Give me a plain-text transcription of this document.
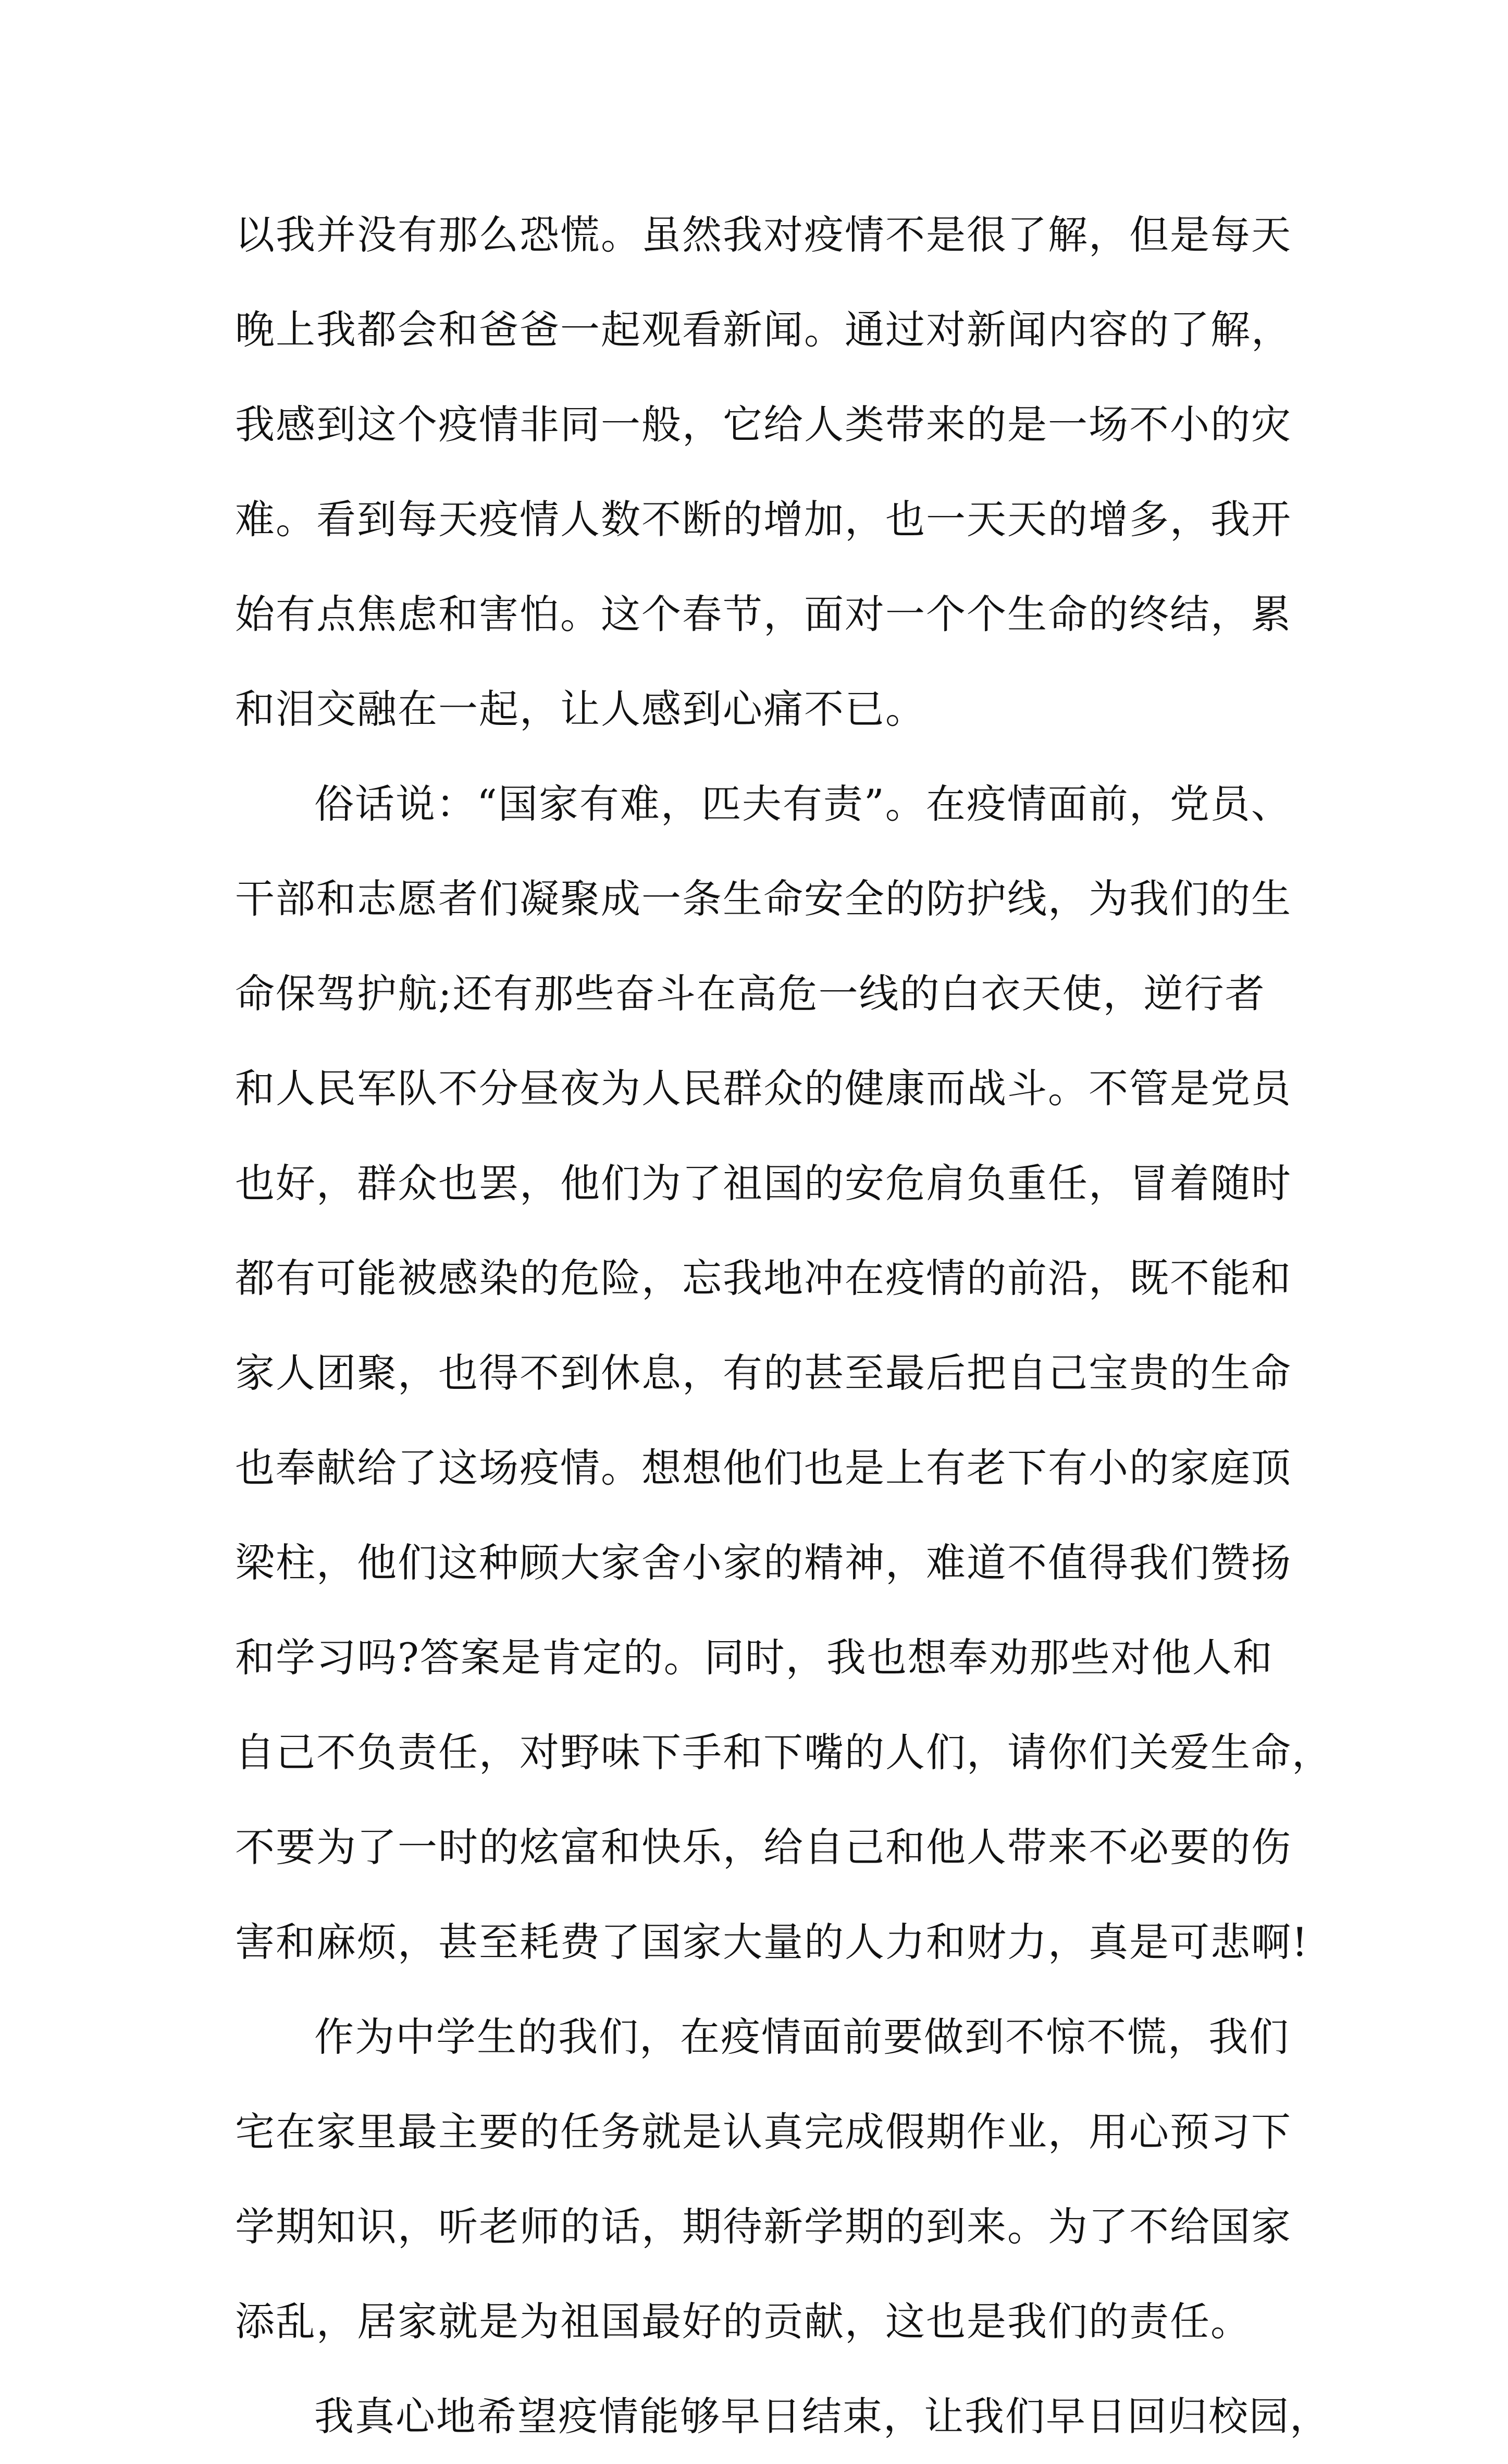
以我并没有那么恐慌。虽然我对疫情不是很了解，但是每天
晚上我都会和爸爸一起观看新闻。通过对新闻内容的了解，
我感到这个疫情非同一般，它给人类带来的是一场不小的灾
难。看到每天疫情人数不断的增加，也一天天的增多，我开
始有点焦虑和害怕。这个春节，面对一个个生命的终结，累
和泪交融在一起，让人感到心痛不已。
俗话说：“国家有难，匹夫有责”。在疫情面前，党员、
干部和志愿者们凝聚成一条生命安全的防护线，为我们的生
命保驾护航;还有那些奋斗在高危一线的白衣天使，逆行者
和人民军队不分昼夜为人民群众的健康而战斗。不管是党员
也好，群众也罢，他们为了祖国的安危肩负重任，冒着随时
都有可能被感染的危险，忘我地冲在疫情的前沿，既不能和
家人团聚，也得不到休息，有的甚至最后把自己宝贵的生命
也奉献给了这场疫情。想想他们也是上有老下有小的家庭顶
梁柱，他们这种顾大家舍小家的精神，难道不值得我们赞扬
和学习吗?答案是肯定的。同时，我也想奉劝那些对他人和
自己不负责任，对野味下手和下嘴的人们，请你们关爱生命，
不要为了一时的炫富和快乐，给自己和他人带来不必要的伤
害和麻烦，甚至耗费了国家大量的人力和财力，真是可悲啊!
作为中学生的我们，在疫情面前要做到不惊不慌，我们
宅在家里最主要的任务就是认真完成假期作业，用心预习下
学期知识，听老师的话，期待新学期的到来。为了不给国家
添乱，居家就是为祖国最好的贡献，这也是我们的责任。
我真心地希望疫情能够早日结束，让我们早日回归校园，
